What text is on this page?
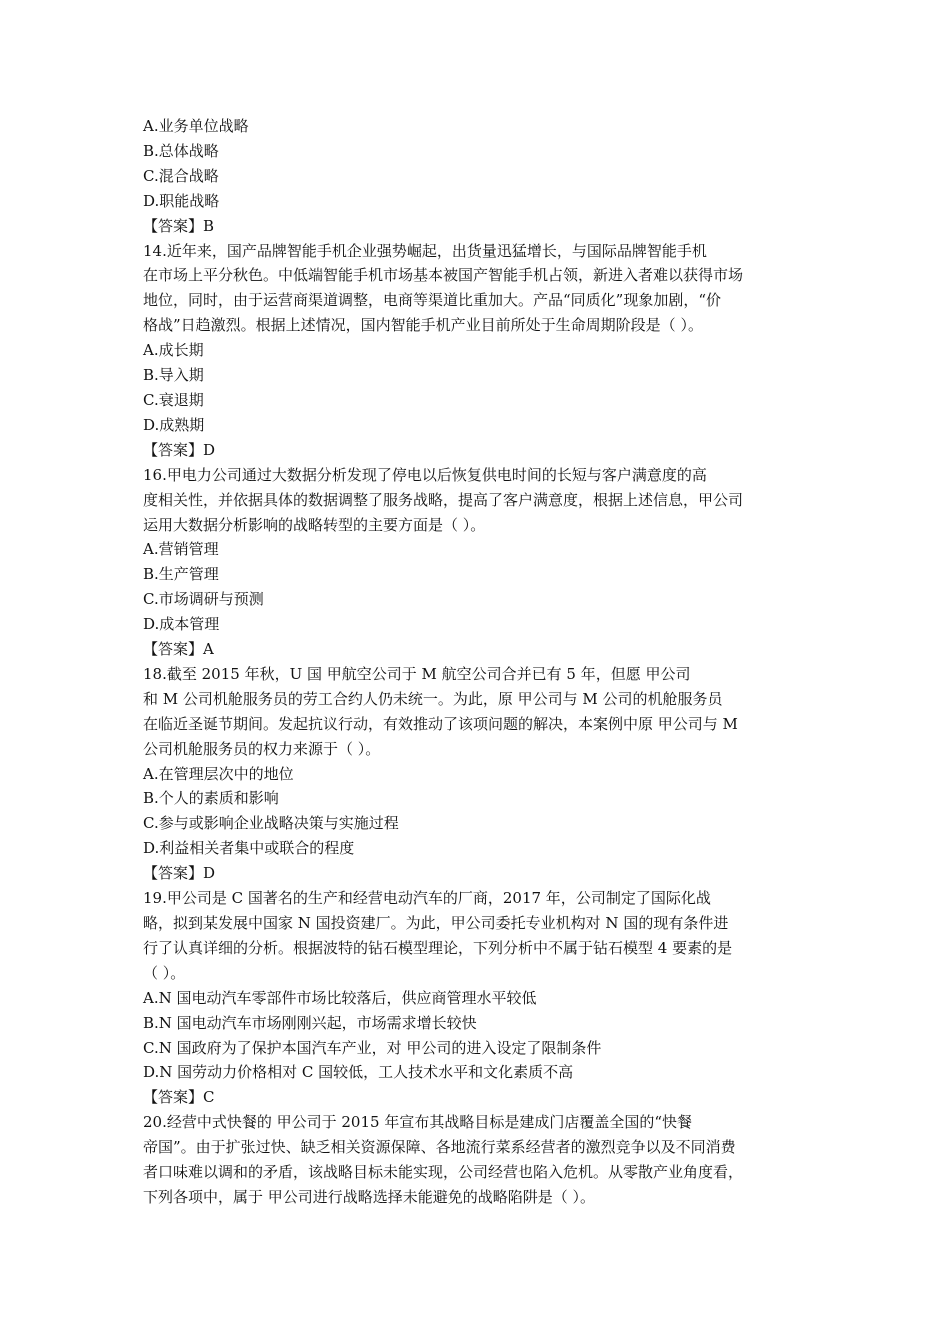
A.业务单位战略
B.总体战略
C.混合战略
D.职能战略
【答案】B
14.近年来，国产品牌智能手机企业强势崛起，出货量迅猛增长，与国际品牌智能手机
在市场上平分秋色。中低端智能手机市场基本被国产智能手机占领，新进入者难以获得市场
地位，同时，由于运营商渠道调整，电商等渠道比重加大。产品“同质化”现象加剧，“价
格战”日趋激烈。根据上述情况，国内智能手机产业目前所处于生命周期阶段是（ ）。
A.成长期
B.导入期
C.衰退期
D.成熟期
【答案】D
16.甲电力公司通过大数据分析发现了停电以后恢复供电时间的长短与客户满意度的高
度相关性，并依据具体的数据调整了服务战略，提高了客户满意度，根据上述信息，甲公司
运用大数据分析影响的战略转型的主要方面是（ ）。
A.营销管理
B.生产管理
C.市场调研与预测
D.成本管理
【答案】A
18.截至 2015 年秋，U 国 甲航空公司于 M 航空公司合并已有 5 年，但愿 甲公司
和 M 公司机舱服务员的劳工合约人仍未统一。为此，原 甲公司与 M 公司的机舱服务员
在临近圣诞节期间。发起抗议行动，有效推动了该项问题的解决，本案例中原 甲公司与 M
公司机舱服务员的权力来源于（ ）。
A.在管理层次中的地位
B.个人的素质和影响
C.参与或影响企业战略决策与实施过程
D.利益相关者集中或联合的程度
【答案】D
19.甲公司是 C 国著名的生产和经营电动汽车的厂商，2017 年，公司制定了国际化战
略，拟到某发展中国家 N 国投资建厂。为此，甲公司委托专业机构对 N 国的现有条件进
行了认真详细的分析。根据波特的钻石模型理论，下列分析中不属于钻石模型 4 要素的是
（ ）。
A.N 国电动汽车零部件市场比较落后，供应商管理水平较低
B.N 国电动汽车市场刚刚兴起，市场需求增长较快
C.N 国政府为了保护本国汽车产业，对 甲公司的进入设定了限制条件
D.N 国劳动力价格相对 C 国较低，工人技术水平和文化素质不高
【答案】C
20.经营中式快餐的 甲公司于 2015 年宣布其战略目标是建成门店覆盖全国的“快餐
帝国”。由于扩张过快、缺乏相关资源保障、各地流行菜系经营者的激烈竞争以及不同消费
者口味难以调和的矛盾，该战略目标未能实现，公司经营也陷入危机。从零散产业角度看，
下列各项中，属于 甲公司进行战略选择未能避免的战略陷阱是（ ）。
